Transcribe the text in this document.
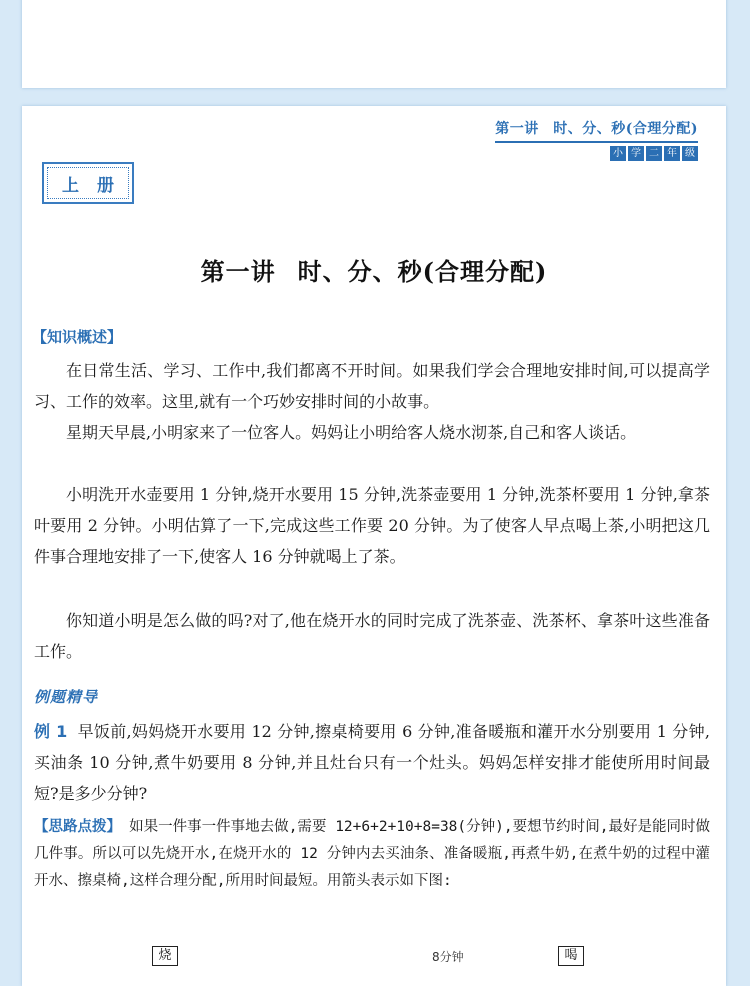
第一讲　时、分、秒(合理分配)
小 学 二 年 级
上 册
第一讲 时、分、秒(合理分配)
【知识概述】
在日常生活、学习、工作中,我们都离不开时间。如果我们学会合理地安排时间,可以提高学习、工作的效率。这里,就有一个巧妙安排时间的小故事。
星期天早晨,小明家来了一位客人。妈妈让小明给客人烧水沏茶,自己和客人谈话。
小明洗开水壶要用 1 分钟,烧开水要用 15 分钟,洗茶壶要用 1 分钟,洗茶杯要用 1 分钟,拿茶叶要用 2 分钟。小明估算了一下,完成这些工作要 20 分钟。为了使客人早点喝上茶,小明把这几件事合理地安排了一下,使客人 16 分钟就喝上了茶。
你知道小明是怎么做的吗?对了,他在烧开水的同时完成了洗茶壶、洗茶杯、拿茶叶这些准备工作。
例题精导
例 1 早饭前,妈妈烧开水要用 12 分钟,擦桌椅要用 6 分钟,准备暖瓶和灌开水分别要用 1 分钟,买油条 10 分钟,煮牛奶要用 8 分钟,并且灶台只有一个灶头。妈妈怎样安排才能使所用时间最短?是多少分钟?
【思路点拨】 如果一件事一件事地去做,需要 12+6+2+10+8=38(分钟),要想节约时间,最好是能同时做几件事。所以可以先烧开水,在烧开水的 12 分钟内去买油条、准备暖瓶,再煮牛奶,在煮牛奶的过程中灌开水、擦桌椅,这样合理分配,所用时间最短。用箭头表示如下图:
烧	8分钟	喝
